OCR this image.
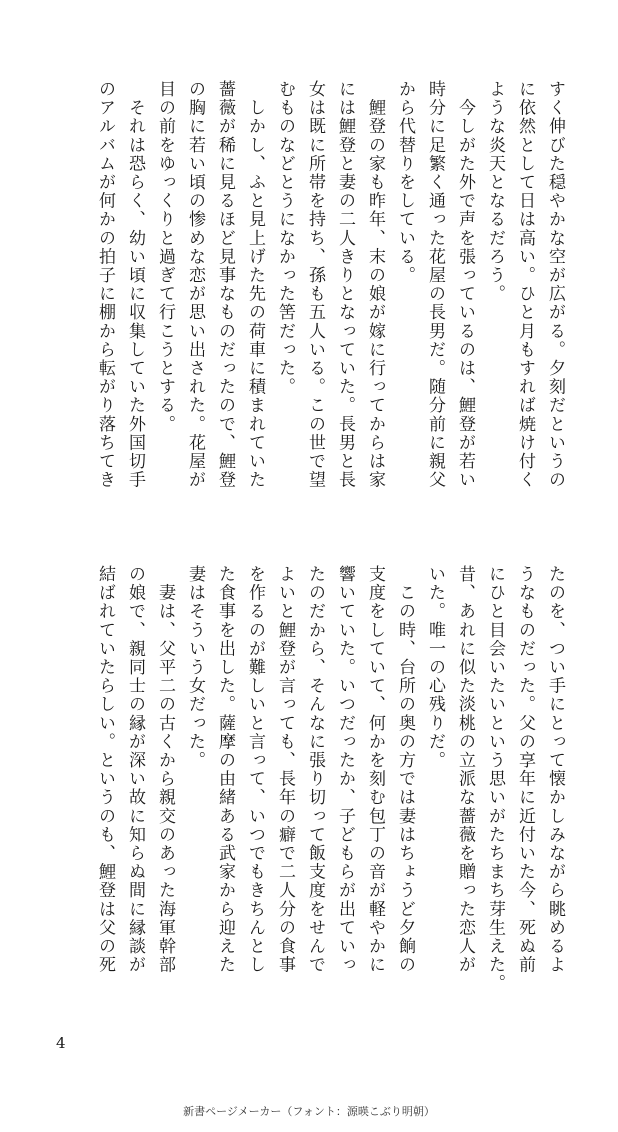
すく伸びた穏やかな空が広がる。夕刻だというの
に依然として日は高い。ひと月もすれば焼け付く
ような炎天となるだろう。
　今しがた外で声を張っているのは、鯉登が若い
時分に足繁く通った花屋の長男だ。随分前に親父
から代替りをしている。
　鯉登の家も昨年、末の娘が嫁に行ってからは家
には鯉登と妻の二人きりとなっていた。長男と長
女は既に所帯を持ち、孫も五人いる。この世で望
むものなどとうになかった筈だった。
　しかし、ふと見上げた先の荷車に積まれていた
薔薇が稀に見るほど見事なものだったので、鯉登
の胸に若い頃の惨めな恋が思い出された。花屋が
目の前をゆっくりと過ぎて行こうとする。
　それは恐らく、幼い頃に収集していた外国切手
のアルバムが何かの拍子に棚から転がり落ちてき
たのを、つい手にとって懐かしみながら眺めるよ
うなものだった。父の享年に近付いた今、死ぬ前
にひと目会いたいという思いがたちまち芽生えた。
昔、あれに似た淡桃の立派な薔薇を贈った恋人が
いた。唯一の心残りだ。
　この時、台所の奥の方では妻はちょうど夕餉の
支度をしていて、何かを刻む包丁の音が軽やかに
響いていた。いつだったか、子どもらが出ていっ
たのだから、そんなに張り切って飯支度をせんで
よいと鯉登が言っても、長年の癖で二人分の食事
を作るのが難しいと言って、いつでもきちんとし
た食事を出した。薩摩の由緒ある武家から迎えた
妻はそういう女だった。
　妻は、父平二の古くから親交のあった海軍幹部
の娘で、親同士の縁が深い故に知らぬ間に縁談が
結ばれていたらしい。というのも、鯉登は父の死
4
新書ページメーカー（フォント：源暎こぶり明朝）
